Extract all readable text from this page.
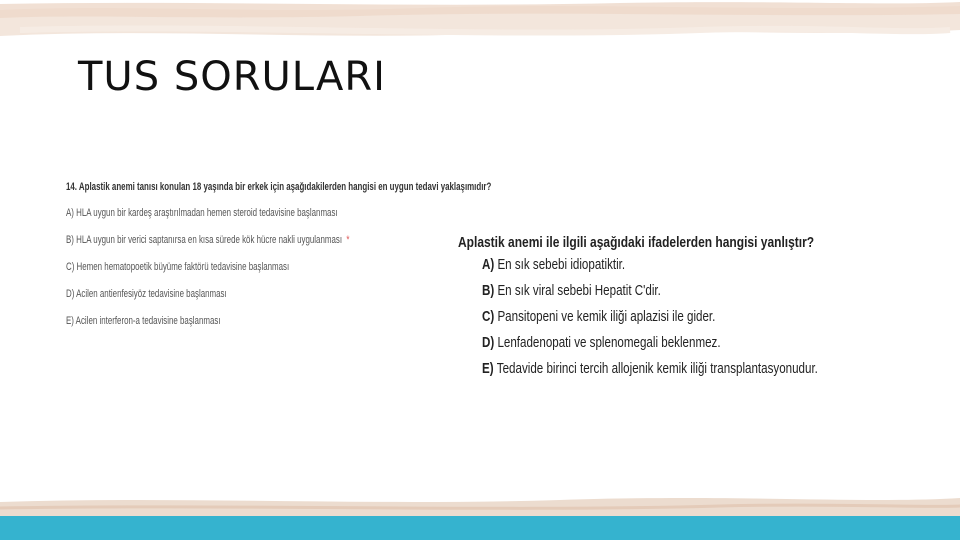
TUS SORULARI
14. Aplastik anemi tanısı konulan 18 yaşında bir erkek için aşağıdakilerden hangisi en uygun tedavi yaklaşımıdır?
A) HLA uygun bir kardeş araştırılmadan hemen steroid tedavisine başlanması
B) HLA uygun bir verici saptanırsa en kısa sürede kök hücre nakli uygulanması *
C) Hemen hematopoetik büyüme faktörü tedavisine başlanması
D) Acilen antienfesiyöz tedavisine başlanması
E) Acilen interferon-a tedavisine başlanması
Aplastik anemi ile ilgili aşağıdaki ifadelerden hangisi yanlıştır?
A) En sık sebebi idiopatiktir.
B) En sık viral sebebi Hepatit C'dir.
C) Pansitopeni ve kemik iliği aplazisi ile gider.
D) Lenfadenopati ve splenomegali beklenmez.
E) Tedavide birinci tercih allojenik kemik iliği transplantasyonudur.
